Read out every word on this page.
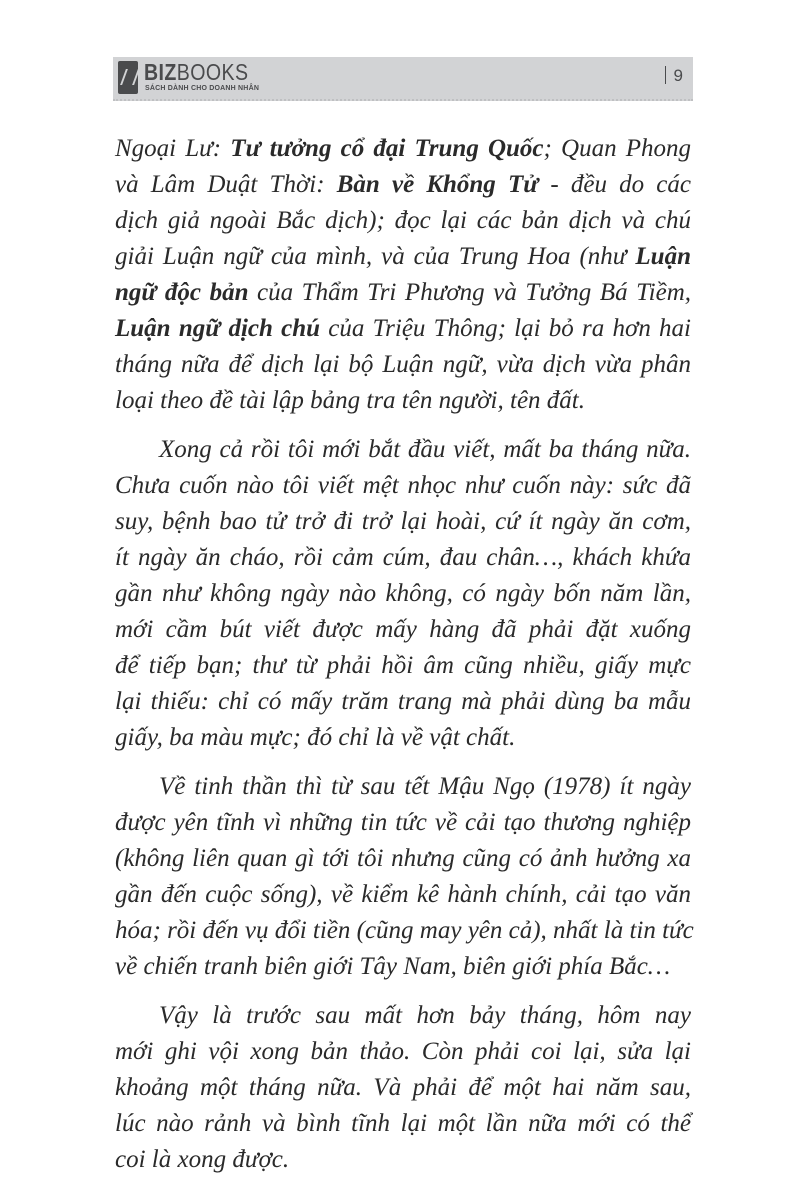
BIZBOOKS
SÁCH DÀNH CHO DOANH NHÂN
9
Ngoại Lư: Tư tưởng cổ đại Trung Quốc; Quan Phong
và Lâm Duật Thời: Bàn về Khổng Tử - đều do các
dịch giả ngoài Bắc dịch); đọc lại các bản dịch và chú
giải Luận ngữ của mình, và của Trung Hoa (như Luận
ngữ độc bản của Thẩm Tri Phương và Tưởng Bá Tiềm,
Luận ngữ dịch chú của Triệu Thông; lại bỏ ra hơn hai
tháng nữa để dịch lại bộ Luận ngữ, vừa dịch vừa phân
loại theo đề tài lập bảng tra tên người, tên đất.
Xong cả rồi tôi mới bắt đầu viết, mất ba tháng nữa.
Chưa cuốn nào tôi viết mệt nhọc như cuốn này: sức đã
suy, bệnh bao tử trở đi trở lại hoài, cứ ít ngày ăn cơm,
ít ngày ăn cháo, rồi cảm cúm, đau chân…, khách khứa
gần như không ngày nào không, có ngày bốn năm lần,
mới cầm bút viết được mấy hàng đã phải đặt xuống
để tiếp bạn; thư từ phải hồi âm cũng nhiều, giấy mực
lại thiếu: chỉ có mấy trăm trang mà phải dùng ba mẫu
giấy, ba màu mực; đó chỉ là về vật chất.
Về tinh thần thì từ sau tết Mậu Ngọ (1978) ít ngày
được yên tĩnh vì những tin tức về cải tạo thương nghiệp
(không liên quan gì tới tôi nhưng cũng có ảnh hưởng xa
gần đến cuộc sống), về kiểm kê hành chính, cải tạo văn
hóa; rồi đến vụ đổi tiền (cũng may yên cả), nhất là tin tức
về chiến tranh biên giới Tây Nam, biên giới phía Bắc…
Vậy là trước sau mất hơn bảy tháng, hôm nay
mới ghi vội xong bản thảo. Còn phải coi lại, sửa lại
khoảng một tháng nữa. Và phải để một hai năm sau,
lúc nào rảnh và bình tĩnh lại một lần nữa mới có thể
coi là xong được.
